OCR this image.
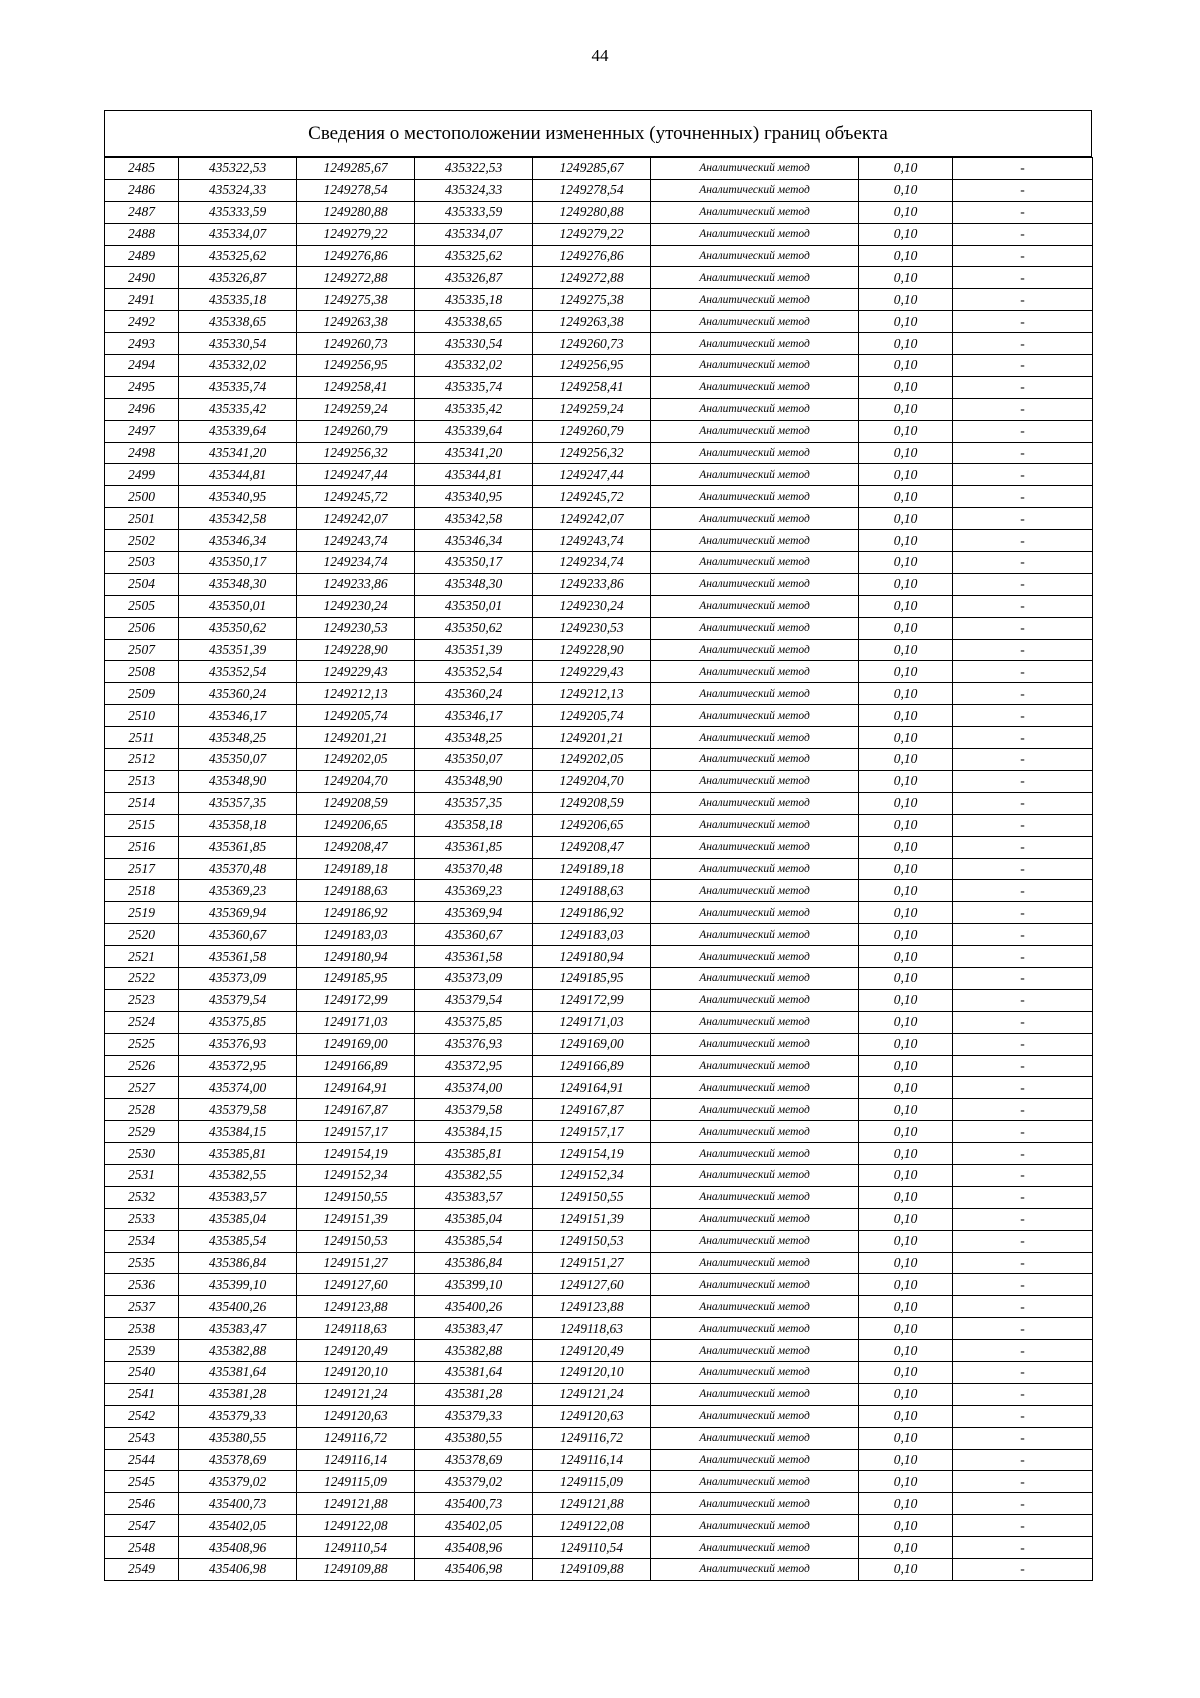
44
Сведения о местоположении измененных (уточненных) границ объекта
2485	435322,53	1249285,67	435322,53	1249285,67	Аналитический метод	0,10	-
2486	435324,33	1249278,54	435324,33	1249278,54	Аналитический метод	0,10	-
2487	435333,59	1249280,88	435333,59	1249280,88	Аналитический метод	0,10	-
2488	435334,07	1249279,22	435334,07	1249279,22	Аналитический метод	0,10	-
2489	435325,62	1249276,86	435325,62	1249276,86	Аналитический метод	0,10	-
2490	435326,87	1249272,88	435326,87	1249272,88	Аналитический метод	0,10	-
2491	435335,18	1249275,38	435335,18	1249275,38	Аналитический метод	0,10	-
2492	435338,65	1249263,38	435338,65	1249263,38	Аналитический метод	0,10	-
2493	435330,54	1249260,73	435330,54	1249260,73	Аналитический метод	0,10	-
2494	435332,02	1249256,95	435332,02	1249256,95	Аналитический метод	0,10	-
2495	435335,74	1249258,41	435335,74	1249258,41	Аналитический метод	0,10	-
2496	435335,42	1249259,24	435335,42	1249259,24	Аналитический метод	0,10	-
2497	435339,64	1249260,79	435339,64	1249260,79	Аналитический метод	0,10	-
2498	435341,20	1249256,32	435341,20	1249256,32	Аналитический метод	0,10	-
2499	435344,81	1249247,44	435344,81	1249247,44	Аналитический метод	0,10	-
2500	435340,95	1249245,72	435340,95	1249245,72	Аналитический метод	0,10	-
2501	435342,58	1249242,07	435342,58	1249242,07	Аналитический метод	0,10	-
2502	435346,34	1249243,74	435346,34	1249243,74	Аналитический метод	0,10	-
2503	435350,17	1249234,74	435350,17	1249234,74	Аналитический метод	0,10	-
2504	435348,30	1249233,86	435348,30	1249233,86	Аналитический метод	0,10	-
2505	435350,01	1249230,24	435350,01	1249230,24	Аналитический метод	0,10	-
2506	435350,62	1249230,53	435350,62	1249230,53	Аналитический метод	0,10	-
2507	435351,39	1249228,90	435351,39	1249228,90	Аналитический метод	0,10	-
2508	435352,54	1249229,43	435352,54	1249229,43	Аналитический метод	0,10	-
2509	435360,24	1249212,13	435360,24	1249212,13	Аналитический метод	0,10	-
2510	435346,17	1249205,74	435346,17	1249205,74	Аналитический метод	0,10	-
2511	435348,25	1249201,21	435348,25	1249201,21	Аналитический метод	0,10	-
2512	435350,07	1249202,05	435350,07	1249202,05	Аналитический метод	0,10	-
2513	435348,90	1249204,70	435348,90	1249204,70	Аналитический метод	0,10	-
2514	435357,35	1249208,59	435357,35	1249208,59	Аналитический метод	0,10	-
2515	435358,18	1249206,65	435358,18	1249206,65	Аналитический метод	0,10	-
2516	435361,85	1249208,47	435361,85	1249208,47	Аналитический метод	0,10	-
2517	435370,48	1249189,18	435370,48	1249189,18	Аналитический метод	0,10	-
2518	435369,23	1249188,63	435369,23	1249188,63	Аналитический метод	0,10	-
2519	435369,94	1249186,92	435369,94	1249186,92	Аналитический метод	0,10	-
2520	435360,67	1249183,03	435360,67	1249183,03	Аналитический метод	0,10	-
2521	435361,58	1249180,94	435361,58	1249180,94	Аналитический метод	0,10	-
2522	435373,09	1249185,95	435373,09	1249185,95	Аналитический метод	0,10	-
2523	435379,54	1249172,99	435379,54	1249172,99	Аналитический метод	0,10	-
2524	435375,85	1249171,03	435375,85	1249171,03	Аналитический метод	0,10	-
2525	435376,93	1249169,00	435376,93	1249169,00	Аналитический метод	0,10	-
2526	435372,95	1249166,89	435372,95	1249166,89	Аналитический метод	0,10	-
2527	435374,00	1249164,91	435374,00	1249164,91	Аналитический метод	0,10	-
2528	435379,58	1249167,87	435379,58	1249167,87	Аналитический метод	0,10	-
2529	435384,15	1249157,17	435384,15	1249157,17	Аналитический метод	0,10	-
2530	435385,81	1249154,19	435385,81	1249154,19	Аналитический метод	0,10	-
2531	435382,55	1249152,34	435382,55	1249152,34	Аналитический метод	0,10	-
2532	435383,57	1249150,55	435383,57	1249150,55	Аналитический метод	0,10	-
2533	435385,04	1249151,39	435385,04	1249151,39	Аналитический метод	0,10	-
2534	435385,54	1249150,53	435385,54	1249150,53	Аналитический метод	0,10	-
2535	435386,84	1249151,27	435386,84	1249151,27	Аналитический метод	0,10	-
2536	435399,10	1249127,60	435399,10	1249127,60	Аналитический метод	0,10	-
2537	435400,26	1249123,88	435400,26	1249123,88	Аналитический метод	0,10	-
2538	435383,47	1249118,63	435383,47	1249118,63	Аналитический метод	0,10	-
2539	435382,88	1249120,49	435382,88	1249120,49	Аналитический метод	0,10	-
2540	435381,64	1249120,10	435381,64	1249120,10	Аналитический метод	0,10	-
2541	435381,28	1249121,24	435381,28	1249121,24	Аналитический метод	0,10	-
2542	435379,33	1249120,63	435379,33	1249120,63	Аналитический метод	0,10	-
2543	435380,55	1249116,72	435380,55	1249116,72	Аналитический метод	0,10	-
2544	435378,69	1249116,14	435378,69	1249116,14	Аналитический метод	0,10	-
2545	435379,02	1249115,09	435379,02	1249115,09	Аналитический метод	0,10	-
2546	435400,73	1249121,88	435400,73	1249121,88	Аналитический метод	0,10	-
2547	435402,05	1249122,08	435402,05	1249122,08	Аналитический метод	0,10	-
2548	435408,96	1249110,54	435408,96	1249110,54	Аналитический метод	0,10	-
2549	435406,98	1249109,88	435406,98	1249109,88	Аналитический метод	0,10	-
